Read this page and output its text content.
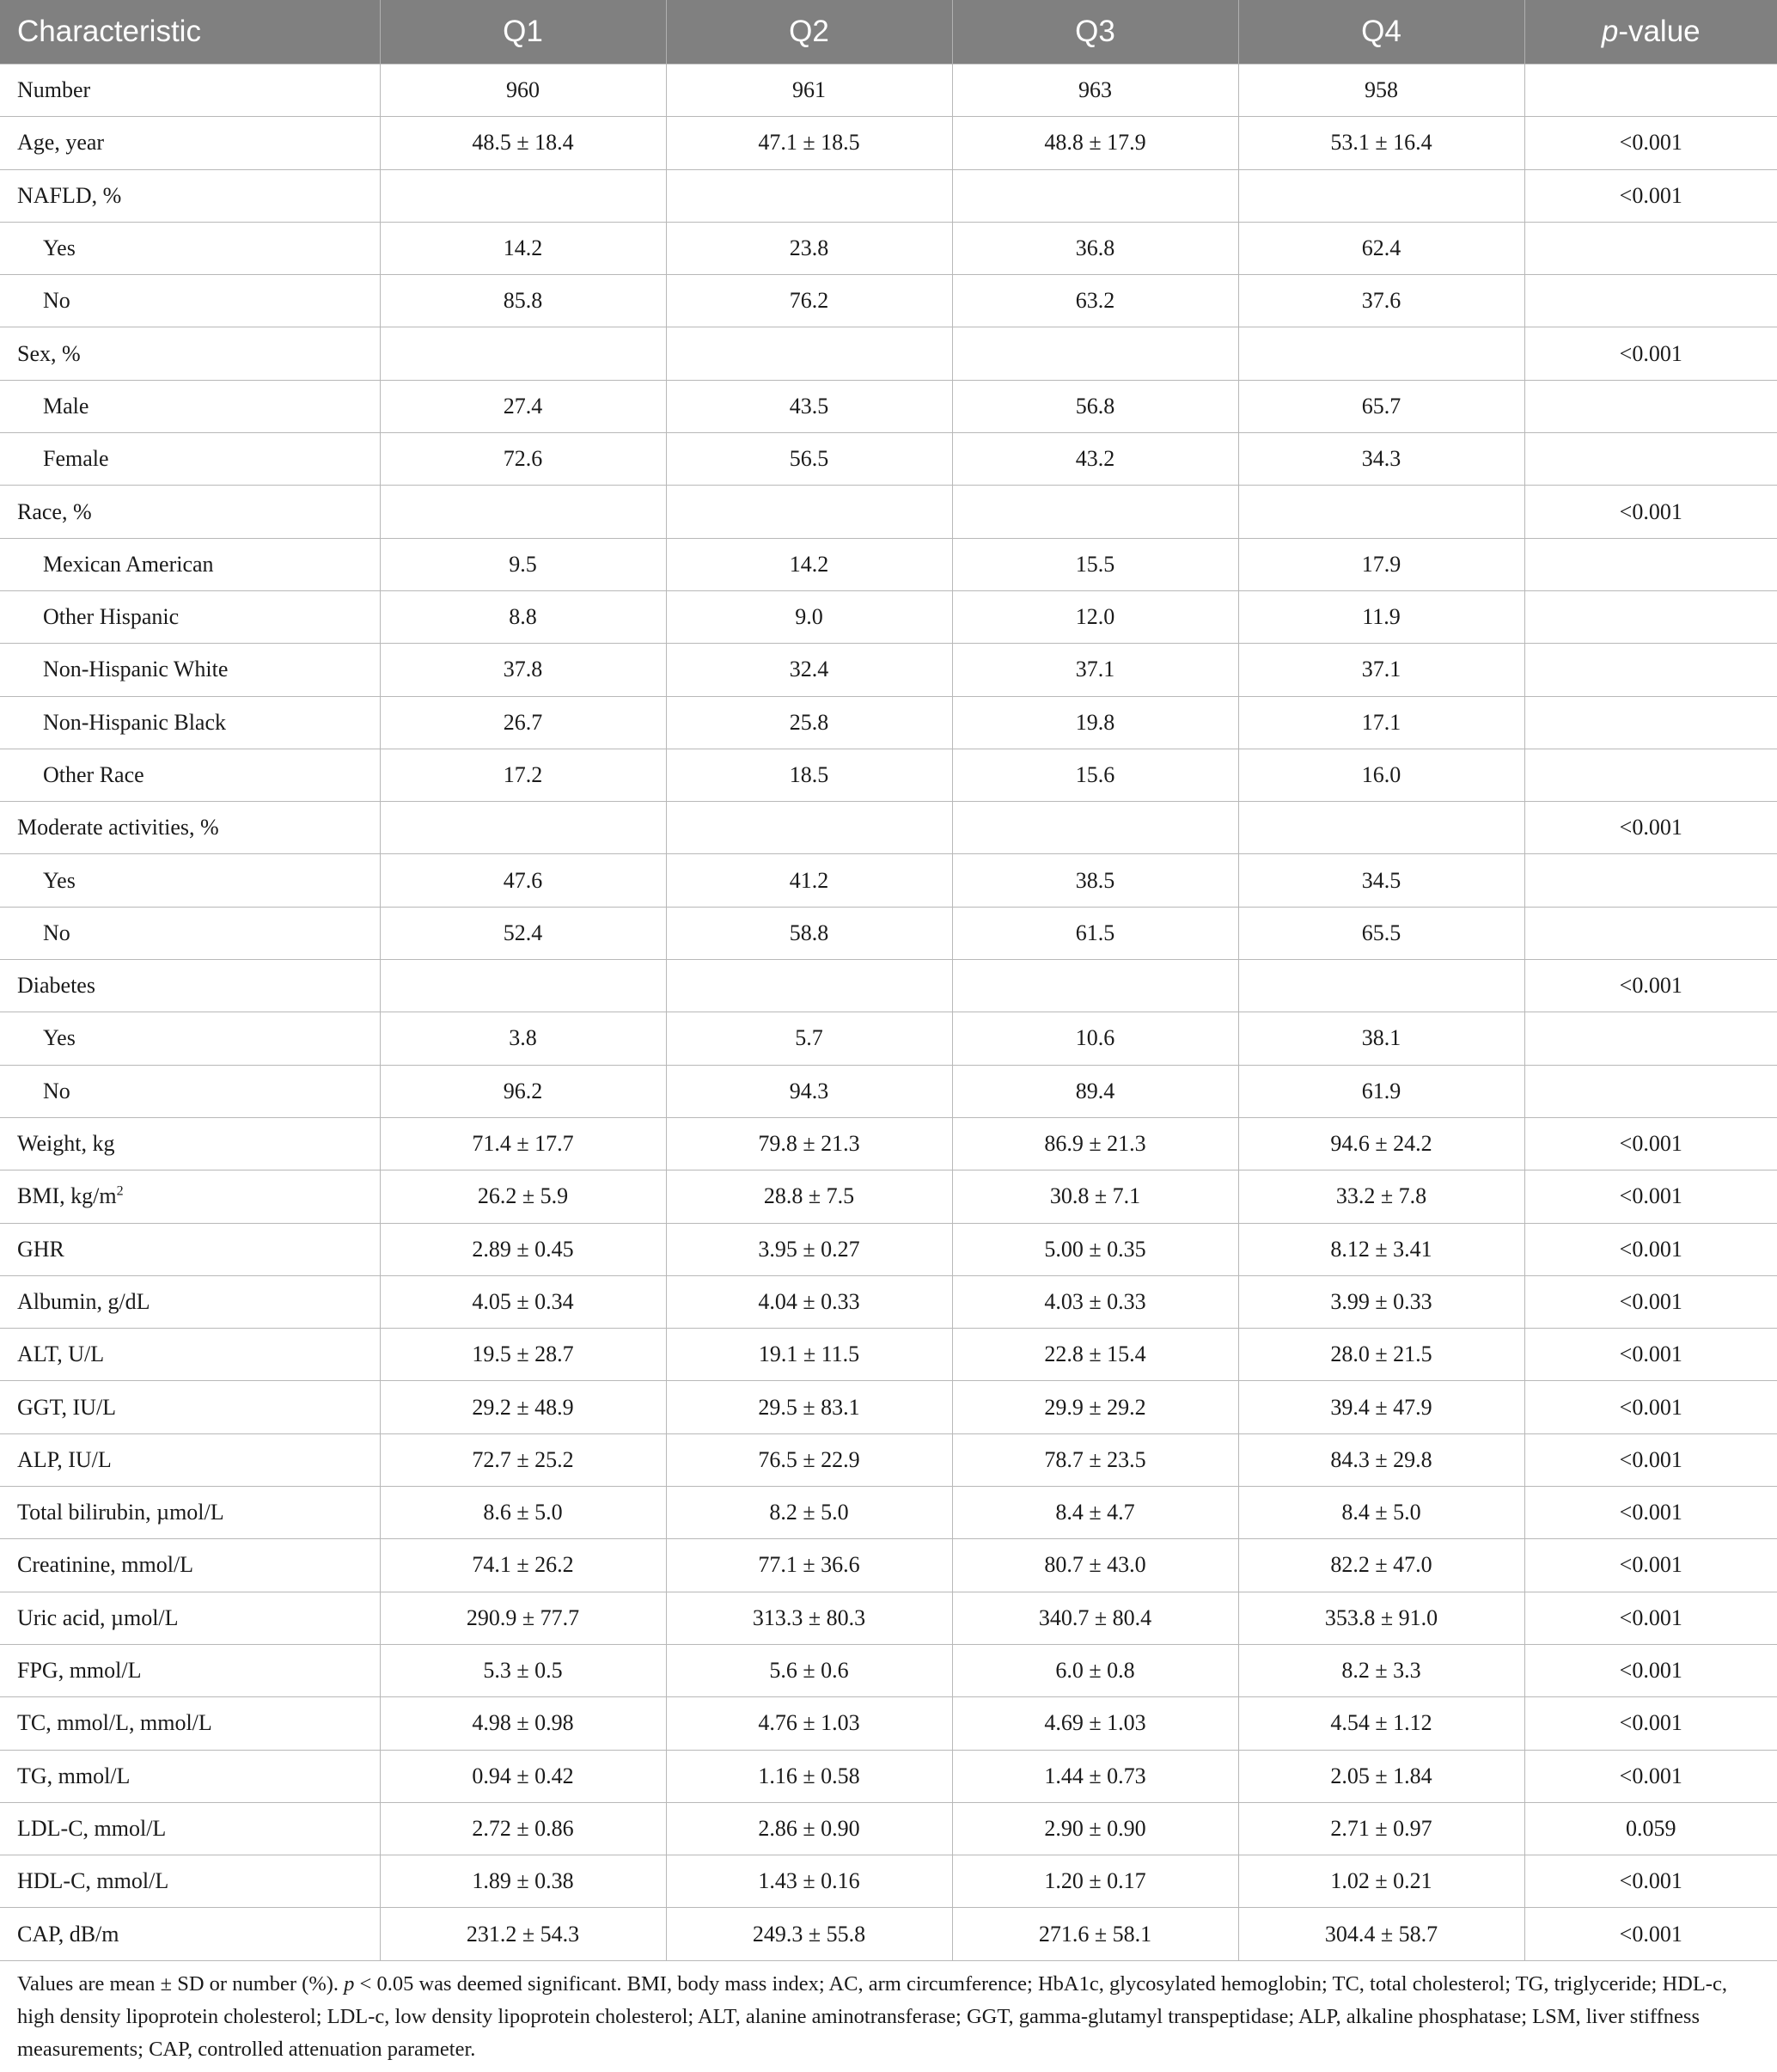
Characteristic	Q1	Q2	Q3	Q4	p-value
Number	960	961	963	958	
Age, year	48.5 ± 18.4	47.1 ± 18.5	48.8 ± 17.9	53.1 ± 16.4	<0.001
NAFLD, %					<0.001
Yes	14.2	23.8	36.8	62.4	
No	85.8	76.2	63.2	37.6	
Sex, %					<0.001
Male	27.4	43.5	56.8	65.7	
Female	72.6	56.5	43.2	34.3	
Race, %					<0.001
Mexican American	9.5	14.2	15.5	17.9	
Other Hispanic	8.8	9.0	12.0	11.9	
Non-Hispanic White	37.8	32.4	37.1	37.1	
Non-Hispanic Black	26.7	25.8	19.8	17.1	
Other Race	17.2	18.5	15.6	16.0	
Moderate activities, %					<0.001
Yes	47.6	41.2	38.5	34.5	
No	52.4	58.8	61.5	65.5	
Diabetes					<0.001
Yes	3.8	5.7	10.6	38.1	
No	96.2	94.3	89.4	61.9	
Weight, kg	71.4 ± 17.7	79.8 ± 21.3	86.9 ± 21.3	94.6 ± 24.2	<0.001
BMI, $kg/m^2$	26.2 ± 5.9	28.8 ± 7.5	30.8 ± 7.1	33.2 ± 7.8	<0.001
GHR	2.89 ± 0.45	3.95 ± 0.27	5.00 ± 0.35	8.12 ± 3.41	<0.001
Albumin, g/dL	4.05 ± 0.34	4.04 ± 0.33	4.03 ± 0.33	3.99 ± 0.33	<0.001
ALT, U/L	19.5 ± 28.7	19.1 ± 11.5	22.8 ± 15.4	28.0 ± 21.5	<0.001
GGT, IU/L	29.2 ± 48.9	29.5 ± 83.1	29.9 ± 29.2	39.4 ± 47.9	<0.001
ALP, IU/L	72.7 ± 25.2	76.5 ± 22.9	78.7 ± 23.5	84.3 ± 29.8	<0.001
Total bilirubin, µmol/L	8.6 ± 5.0	8.2 ± 5.0	8.4 ± 4.7	8.4 ± 5.0	<0.001
Creatinine, mmol/L	74.1 ± 26.2	77.1 ± 36.6	80.7 ± 43.0	82.2 ± 47.0	<0.001
Uric acid, µmol/L	290.9 ± 77.7	313.3 ± 80.3	340.7 ± 80.4	353.8 ± 91.0	<0.001
FPG, mmol/L	5.3 ± 0.5	5.6 ± 0.6	6.0 ± 0.8	8.2 ± 3.3	<0.001
TC, mmol/L, mmol/L	4.98 ± 0.98	4.76 ± 1.03	4.69 ± 1.03	4.54 ± 1.12	<0.001
TG, mmol/L	0.94 ± 0.42	1.16 ± 0.58	1.44 ± 0.73	2.05 ± 1.84	<0.001
LDL-C, mmol/L	2.72 ± 0.86	2.86 ± 0.90	2.90 ± 0.90	2.71 ± 0.97	0.059
HDL-C, mmol/L	1.89 ± 0.38	1.43 ± 0.16	1.20 ± 0.17	1.02 ± 0.21	<0.001
CAP, dB/m	231.2 ± 54.3	249.3 ± 55.8	271.6 ± 58.1	304.4 ± 58.7	<0.001
Values are mean ± SD or number (%). p < 0.05 was deemed significant. BMI, body mass index; AC, arm circumference; HbA1c, glycosylated hemoglobin; TC, total cholesterol; TG, triglyceride; HDL-c, high density lipoprotein cholesterol; LDL-c, low density lipoprotein cholesterol; ALT, alanine aminotransferase; GGT, gamma-glutamyl transpeptidase; ALP, alkaline phosphatase; LSM, liver stiffness measurements; CAP, controlled attenuation parameter.
